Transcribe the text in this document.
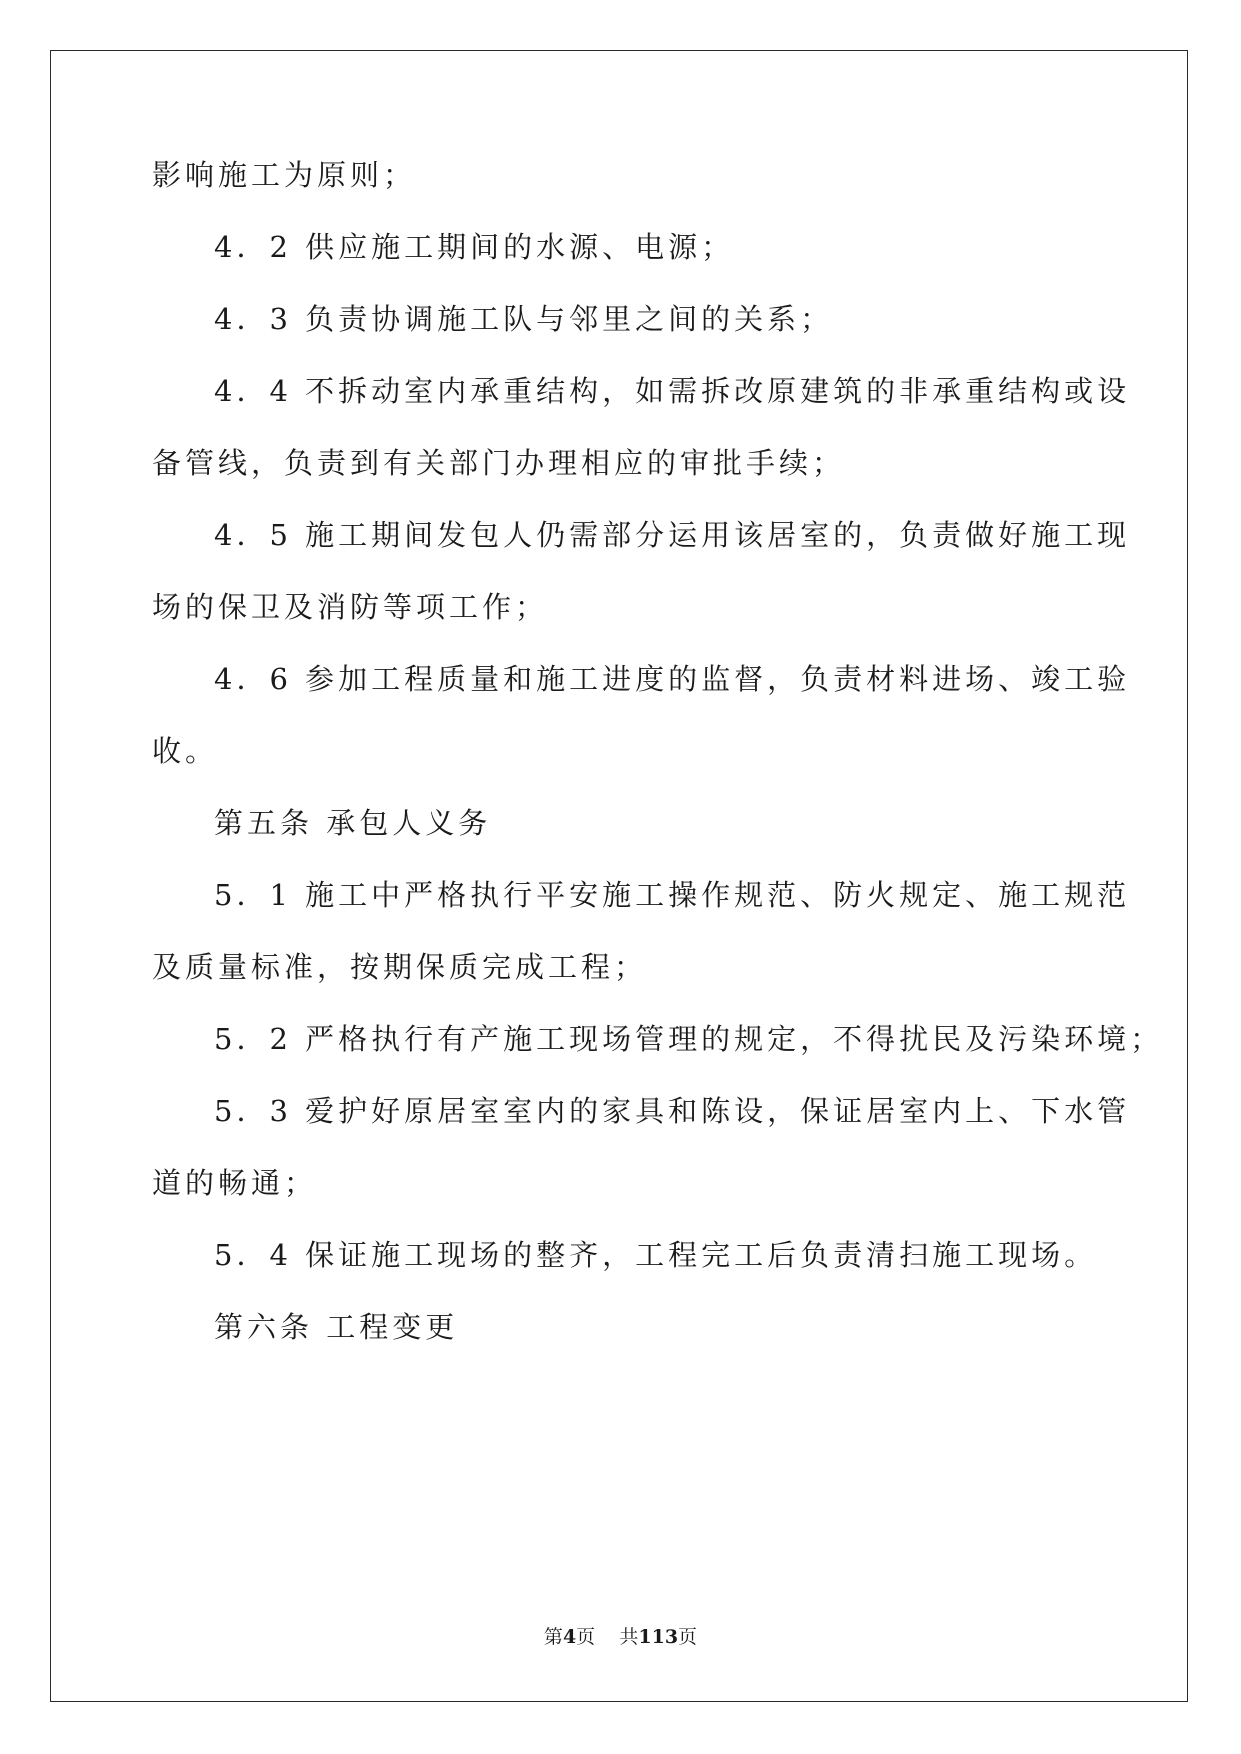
影响施工为原则；
4．2 供应施工期间的水源、电源；
4．3 负责协调施工队与邻里之间的关系；
4．4 不拆动室内承重结构，如需拆改原建筑的非承重结构或设
备管线，负责到有关部门办理相应的审批手续；
4．5 施工期间发包人仍需部分运用该居室的，负责做好施工现
场的保卫及消防等项工作；
4．6 参加工程质量和施工进度的监督，负责材料进场、竣工验
收。
第五条 承包人义务
5．1 施工中严格执行平安施工操作规范、防火规定、施工规范
及质量标准，按期保质完成工程；
5．2 严格执行有产施工现场管理的规定，不得扰民及污染环境；
5．3 爱护好原居室室内的家具和陈设，保证居室内上、下水管
道的畅通；
5．4 保证施工现场的整齐，工程完工后负责清扫施工现场。
第六条 工程变更
第4页 共113页
